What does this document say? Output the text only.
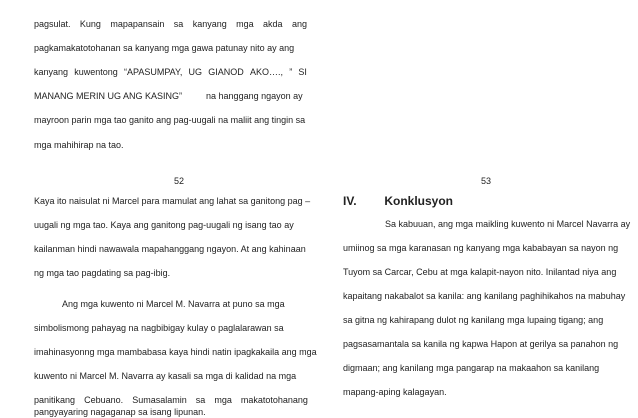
pagsulat. Kung mapapansain sa kanyang mga akda ang
pagkamakatotohanan sa kanyang mga gawa patunay nito ay ang
kanyang kuwentong “APASUMPAY, UG GIANOD AKO…., ” SI
MANANG MERIN UG ANG KASING”	na hanggang ngayon ay
mayroon parin mga tao ganito ang pag-uugali na maliit ang tingin sa
mga mahihirap na tao.
52
Kaya ito naisulat ni Marcel para mamulat ang lahat sa ganitong pag –
uugali ng mga tao. Kaya ang ganitong pag-uugali ng isang tao ay
kailanman hindi nawawala mapahanggang ngayon. At ang kahinaan
ng mga tao pagdating sa pag-ibig.
Ang mga kuwento ni Marcel M. Navarra at puno sa mga
simbolismong pahayag na nagbibigay kulay o paglalarawan sa
imahinasyonng mga mambabasa kaya hindi natin ipagkakaila ang mga
kuwento ni Marcel M. Navarra ay kasali sa mga di kalidad na mga
panitikang Cebuano. Sumasalamin sa mga makatotohanang
pangyayaring nagaganap sa isang lipunan.
53
IV. Konklusyon
Sa kabuuan, ang mga maikling kuwento ni Marcel Navarra ay
umiinog sa mga karanasan ng kanyang mga kababayan sa nayon ng
Tuyom sa Carcar, Cebu at mga kalapit-nayon nito. Inilantad niya ang
kapaitang nakabalot sa kanila: ang kanilang paghihikahos na mabuhay
sa gitna ng kahirapang dulot ng kanilang mga lupaing tigang; ang
pagsasamantala sa kanila ng kapwa Hapon at gerilya sa panahon ng
digmaan; ang kanilang mga pangarap na makaahon sa kanilang
mapang-aping kalagayan.
